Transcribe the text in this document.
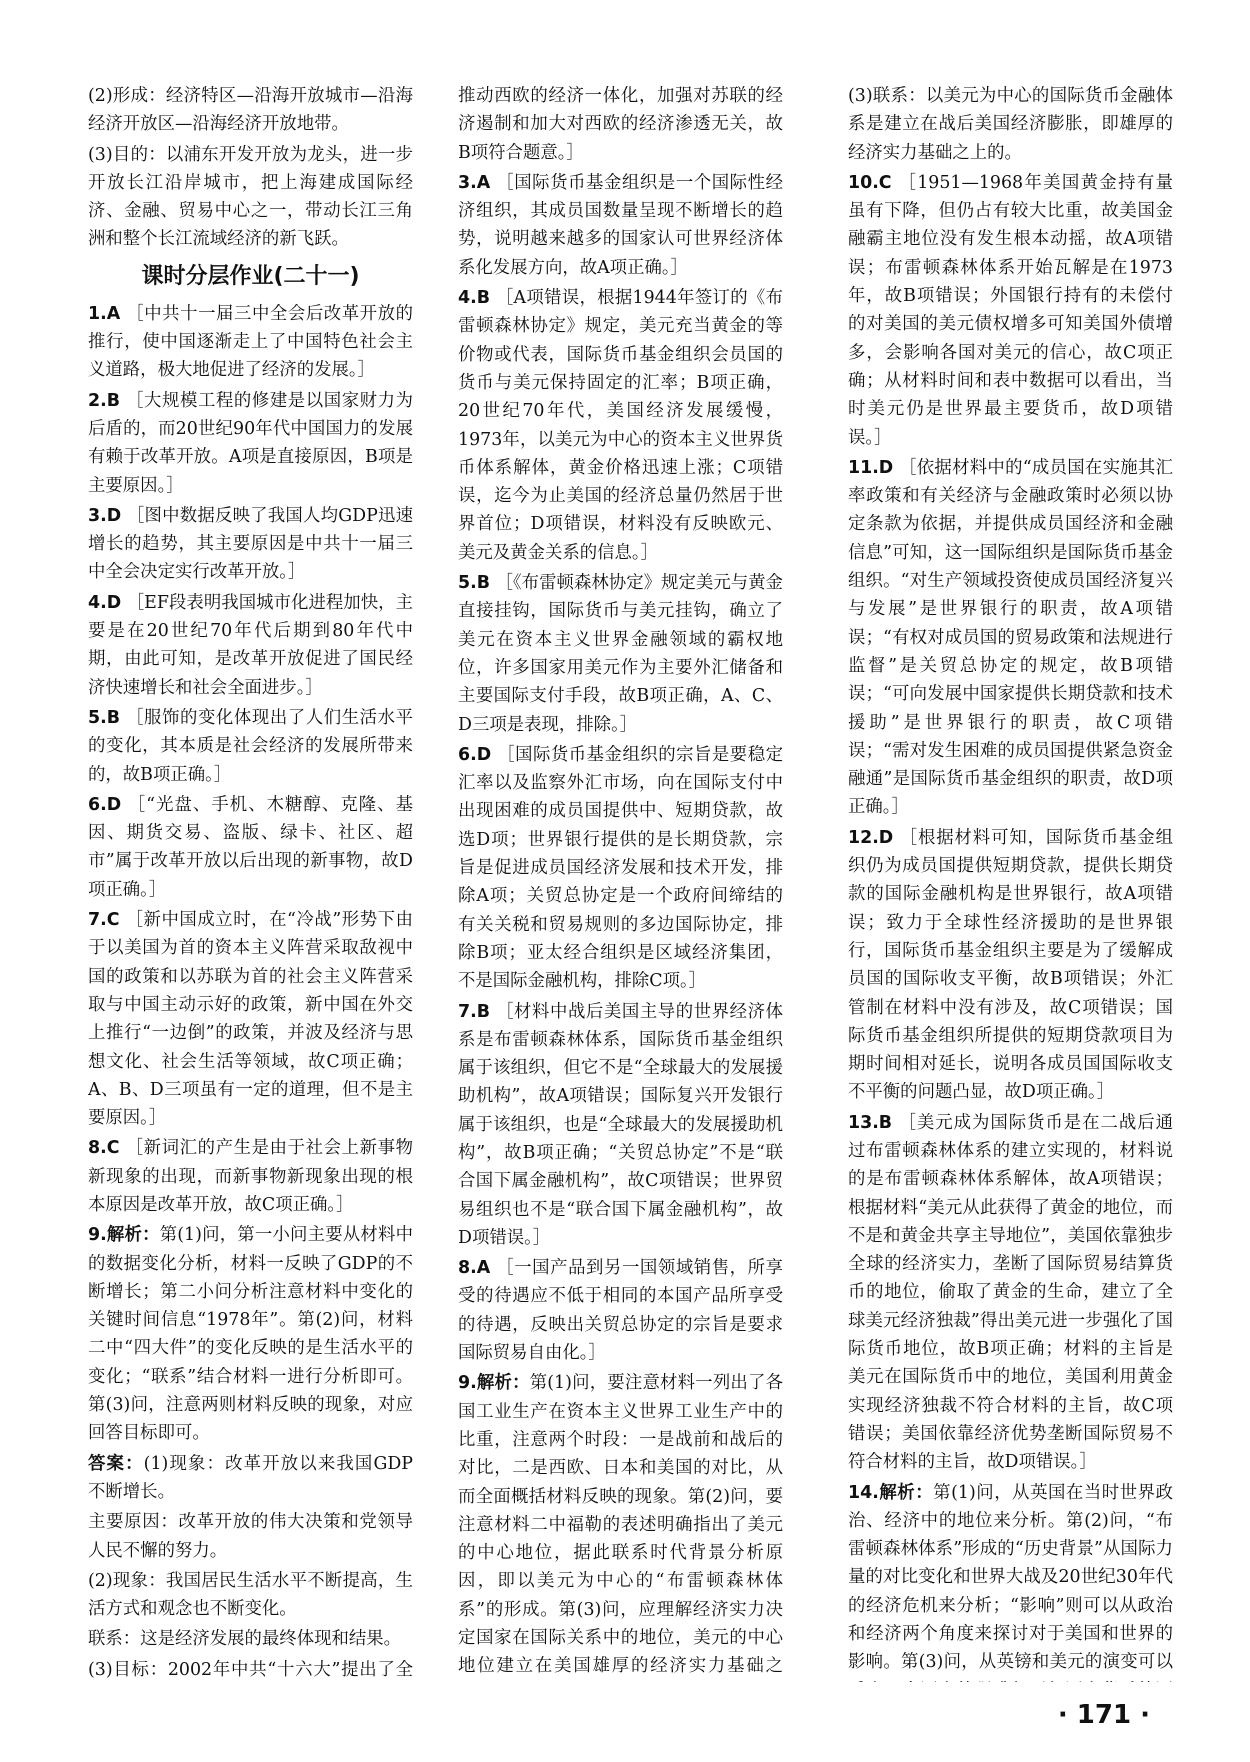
(2)形成：经济特区—沿海开放城市—沿海经济开放区—沿海经济开放地带。
(3)目的：以浦东开发开放为龙头，进一步开放长江沿岸城市，把上海建成国际经济、金融、贸易中心之一，带动长江三角洲和整个长江流域经济的新飞跃。
课时分层作业(二十一)
1.A ［中共十一届三中全会后改革开放的推行，使中国逐渐走上了中国特色社会主义道路，极大地促进了经济的发展。］
2.B ［大规模工程的修建是以国家财力为后盾的，而20世纪90年代中国国力的发展有赖于改革开放。A项是直接原因，B项是主要原因。］
3.D ［图中数据反映了我国人均GDP迅速增长的趋势，其主要原因是中共十一届三中全会决定实行改革开放。］
4.D ［EF段表明我国城市化进程加快，主要是在20世纪70年代后期到80年代中期，由此可知，是改革开放促进了国民经济快速增长和社会全面进步。］
5.B ［服饰的变化体现出了人们生活水平的变化，其本质是社会经济的发展所带来的，故B项正确。］
6.D ［“光盘、手机、木糖醇、克隆、基因、期货交易、盗版、绿卡、社区、超市”属于改革开放以后出现的新事物，故D项正确。］
7.C ［新中国成立时，在“冷战”形势下由于以美国为首的资本主义阵营采取敌视中国的政策和以苏联为首的社会主义阵营采取与中国主动示好的政策，新中国在外交上推行“一边倒”的政策，并波及经济与思想文化、社会生活等领域，故C项正确；A、B、D三项虽有一定的道理，但不是主要原因。］
8.C ［新词汇的产生是由于社会上新事物新现象的出现，而新事物新现象出现的根本原因是改革开放，故C项正确。］
9.解析：第(1)问，第一小问主要从材料中的数据变化分析，材料一反映了GDP的不断增长；第二小问分析注意材料中变化的关键时间信息“1978年”。第(2)问，材料二中“四大件”的变化反映的是生活水平的变化；“联系”结合材料一进行分析即可。第(3)问，注意两则材料反映的现象，对应回答目标即可。
答案：(1)现象：改革开放以来我国GDP不断增长。
主要原因：改革开放的伟大决策和党领导人民不懈的努力。
(2)现象：我国居民生活水平不断提高，生活方式和观念也不断变化。
联系：这是经济发展的最终体现和结果。
(3)目标：2002年中共“十六大”提出了全
推动西欧的经济一体化，加强对苏联的经济遏制和加大对西欧的经济渗透无关，故B项符合题意。］
3.A ［国际货币基金组织是一个国际性经济组织，其成员国数量呈现不断增长的趋势，说明越来越多的国家认可世界经济体系化发展方向，故A项正确。］
4.B ［A项错误，根据1944年签订的《布雷顿森林协定》规定，美元充当黄金的等价物或代表，国际货币基金组织会员国的货币与美元保持固定的汇率；B项正确，20世纪70年代，美国经济发展缓慢，1973年，以美元为中心的资本主义世界货币体系解体，黄金价格迅速上涨；C项错误，迄今为止美国的经济总量仍然居于世界首位；D项错误，材料没有反映欧元、美元及黄金关系的信息。］
5.B ［《布雷顿森林协定》规定美元与黄金直接挂钩，国际货币与美元挂钩，确立了美元在资本主义世界金融领域的霸权地位，许多国家用美元作为主要外汇储备和主要国际支付手段，故B项正确，A、C、D三项是表现，排除。］
6.D ［国际货币基金组织的宗旨是要稳定汇率以及监察外汇市场，向在国际支付中出现困难的成员国提供中、短期贷款，故选D项；世界银行提供的是长期贷款，宗旨是促进成员国经济发展和技术开发，排除A项；关贸总协定是一个政府间缔结的有关关税和贸易规则的多边国际协定，排除B项；亚太经合组织是区域经济集团，不是国际金融机构，排除C项。］
7.B ［材料中战后美国主导的世界经济体系是布雷顿森林体系，国际货币基金组织属于该组织，但它不是“全球最大的发展援助机构”，故A项错误；国际复兴开发银行属于该组织，也是“全球最大的发展援助机构”，故B项正确；“关贸总协定”不是“联合国下属金融机构”，故C项错误；世界贸易组织也不是“联合国下属金融机构”，故D项错误。］
8.A ［一国产品到另一国领域销售，所享受的待遇应不低于相同的本国产品所享受的待遇，反映出关贸总协定的宗旨是要求国际贸易自由化。］
9.解析：第(1)问，要注意材料一列出了各国工业生产在资本主义世界工业生产中的比重，注意两个时段：一是战前和战后的对比，二是西欧、日本和美国的对比，从而全面概括材料反映的现象。第(2)问，要注意材料二中福勒的表述明确指出了美元的中心地位，据此联系时代背景分析原因，即以美元为中心的“布雷顿森林体系”的形成。第(3)问，应理解经济实力决定国家在国际关系中的地位，美元的中心地位建立在美国雄厚的经济实力基础之
(3)联系：以美元为中心的国际货币金融体系是建立在战后美国经济膨胀，即雄厚的经济实力基础之上的。
10.C ［1951—1968年美国黄金持有量虽有下降，但仍占有较大比重，故美国金融霸主地位没有发生根本动摇，故A项错误；布雷顿森林体系开始瓦解是在1973年，故B项错误；外国银行持有的未偿付的对美国的美元债权增多可知美国外债增多，会影响各国对美元的信心，故C项正确；从材料时间和表中数据可以看出，当时美元仍是世界最主要货币，故D项错误。］
11.D ［依据材料中的“成员国在实施其汇率政策和有关经济与金融政策时必须以协定条款为依据，并提供成员国经济和金融信息”可知，这一国际组织是国际货币基金组织。“对生产领域投资使成员国经济复兴与发展”是世界银行的职责，故A项错误；“有权对成员国的贸易政策和法规进行监督”是关贸总协定的规定，故B项错误；“可向发展中国家提供长期贷款和技术援助”是世界银行的职责，故C项错误；“需对发生困难的成员国提供紧急资金融通”是国际货币基金组织的职责，故D项正确。］
12.D ［根据材料可知，国际货币基金组织仍为成员国提供短期贷款，提供长期贷款的国际金融机构是世界银行，故A项错误；致力于全球性经济援助的是世界银行，国际货币基金组织主要是为了缓解成员国的国际收支平衡，故B项错误；外汇管制在材料中没有涉及，故C项错误；国际货币基金组织所提供的短期贷款项目为期时间相对延长，说明各成员国国际收支不平衡的问题凸显，故D项正确。］
13.B ［美元成为国际货币是在二战后通过布雷顿森林体系的建立实现的，材料说的是布雷顿森林体系解体，故A项错误；根据材料“美元从此获得了黄金的地位，而不是和黄金共享主导地位”，美国依靠独步全球的经济实力，垄断了国际贸易结算货币的地位，偷取了黄金的生命，建立了全球美元经济独裁”得出美元进一步强化了国际货币地位，故B项正确；材料的主旨是美元在国际货币中的地位，美国利用黄金实现经济独裁不符合材料的主旨，故C项错误；美国依靠经济优势垄断国际贸易不符合材料的主旨，故D项错误。］
14.解析：第(1)问，从英国在当时世界政治、经济中的地位来分析。第(2)问，“布雷顿森林体系”形成的“历史背景”从国际力量的对比变化和世界大战及20世纪30年代的经济危机来分析；“影响”则可以从政治和经济两个角度来探讨对于美国和世界的影响。第(3)问，从英镑和美元的演变可以
· 171 ·
